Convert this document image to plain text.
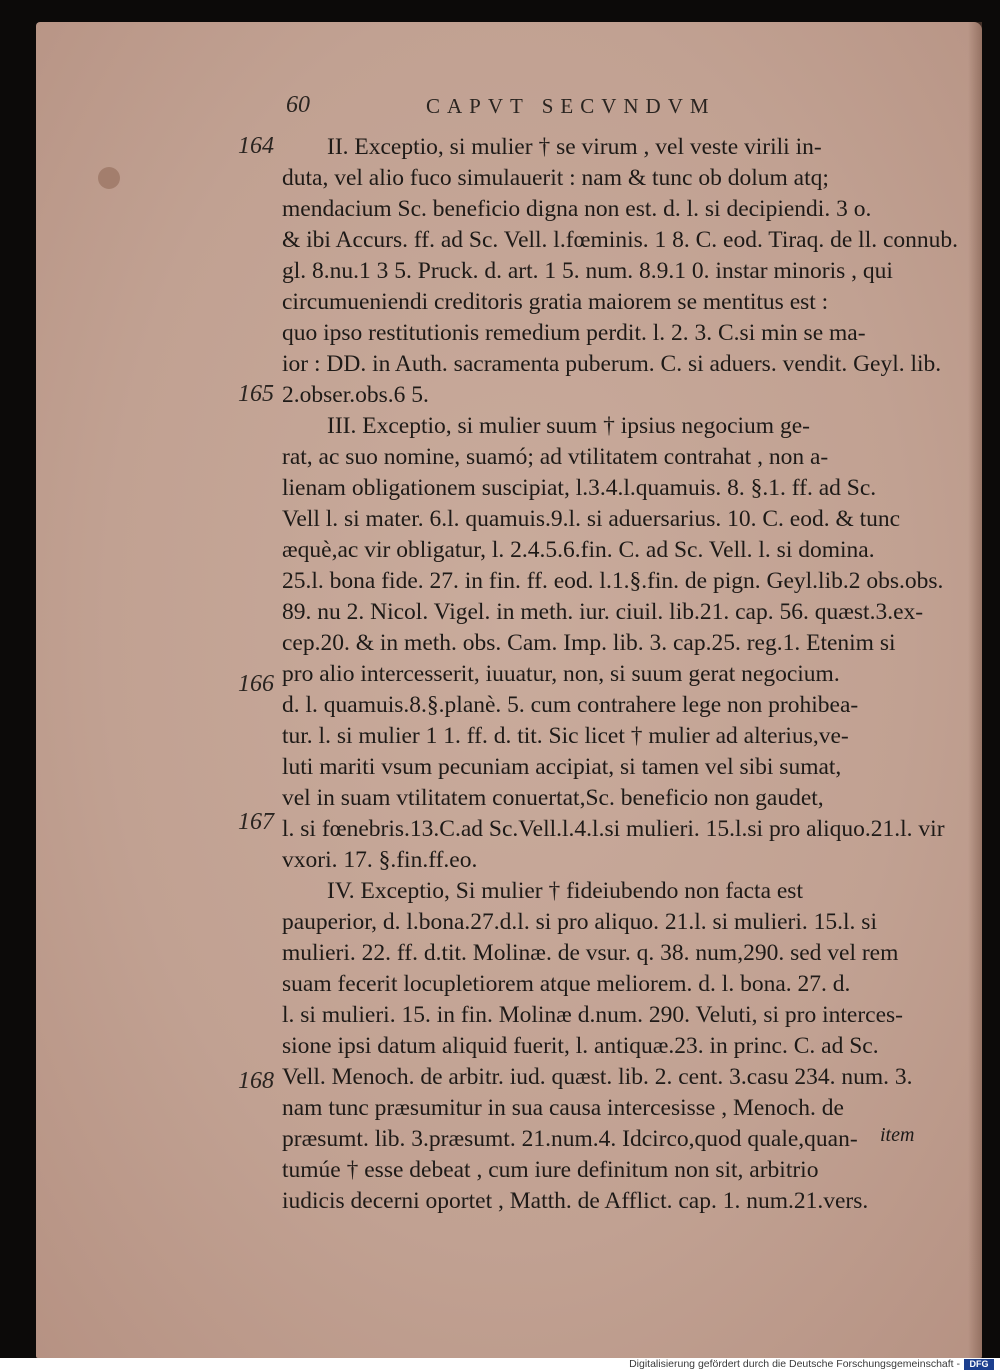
60	CAPVT SECVNDVM
164
165
166
167
168
II. Exceptio, si mulier † se virum , vel veste virili in-
duta, vel alio fuco simulauerit : nam & tunc ob dolum atq;
mendacium Sc. beneficio digna non est. d. l. si decipiendi. 3 o.
& ibi Accurs. ff. ad Sc. Vell. l.fœminis. 1 8. C. eod. Tiraq. de ll. connub.
gl. 8.nu.1 3 5. Pruck. d. art. 1 5. num. 8.9.1 0. instar minoris , qui
circumueniendi creditoris gratia maiorem se mentitus est :
quo ipso restitutionis remedium perdit. l. 2. 3. C.si min se ma-
ior : DD. in Auth. sacramenta puberum. C. si aduers. vendit. Geyl. lib.
2.obser.obs.6 5.
III. Exceptio, si mulier suum † ipsius negocium ge-
rat, ac suo nomine, suamó; ad vtilitatem contrahat , non a-
lienam obligationem suscipiat, l.3.4.l.quamuis. 8. §.1. ff. ad Sc.
Vell l. si mater. 6.l. quamuis.9.l. si aduersarius. 10. C. eod. & tunc
æquè,ac vir obligatur, l. 2.4.5.6.fin. C. ad Sc. Vell. l. si domina.
25.l. bona fide. 27. in fin. ff. eod. l.1.§.fin. de pign. Geyl.lib.2 obs.obs.
89. nu 2. Nicol. Vigel. in meth. iur. ciuil. lib.21. cap. 56. quæst.3.ex-
cep.20. & in meth. obs. Cam. Imp. lib. 3. cap.25. reg.1. Etenim si
pro alio intercesserit, iuuatur, non, si suum gerat negocium.
d. l. quamuis.8.§.planè. 5. cum contrahere lege non prohibea-
tur. l. si mulier 1 1. ff. d. tit. Sic licet † mulier ad alterius,ve-
luti mariti vsum pecuniam accipiat, si tamen vel sibi sumat,
vel in suam vtilitatem conuertat,Sc. beneficio non gaudet,
l. si fœnebris.13.C.ad Sc.Vell.l.4.l.si mulieri. 15.l.si pro aliquo.21.l. vir
vxori. 17. §.fin.ff.eo.
IV. Exceptio, Si mulier † fideiubendo non facta est
pauperior, d. l.bona.27.d.l. si pro aliquo. 21.l. si mulieri. 15.l. si
mulieri. 22. ff. d.tit. Molinæ. de vsur. q. 38. num,290. sed vel rem
suam fecerit locupletiorem atque meliorem. d. l. bona. 27. d.
l. si mulieri. 15. in fin. Molinæ d.num. 290. Veluti, si pro interces-
sione ipsi datum aliquid fuerit, l. antiquæ.23. in princ. C. ad Sc.
Vell. Menoch. de arbitr. iud. quæst. lib. 2. cent. 3.casu 234. num. 3.
nam tunc præsumitur in sua causa intercesisse , Menoch. de
præsumt. lib. 3.præsumt. 21.num.4. Idcirco,quod quale,quan-
tumúe † esse debeat , cum iure definitum non sit, arbitrio
iudicis decerni oportet , Matth. de Afflict. cap. 1. num.21.vers.
item
Digitalisierung gefördert durch die Deutsche Forschungsgemeinschaft -	DFG
